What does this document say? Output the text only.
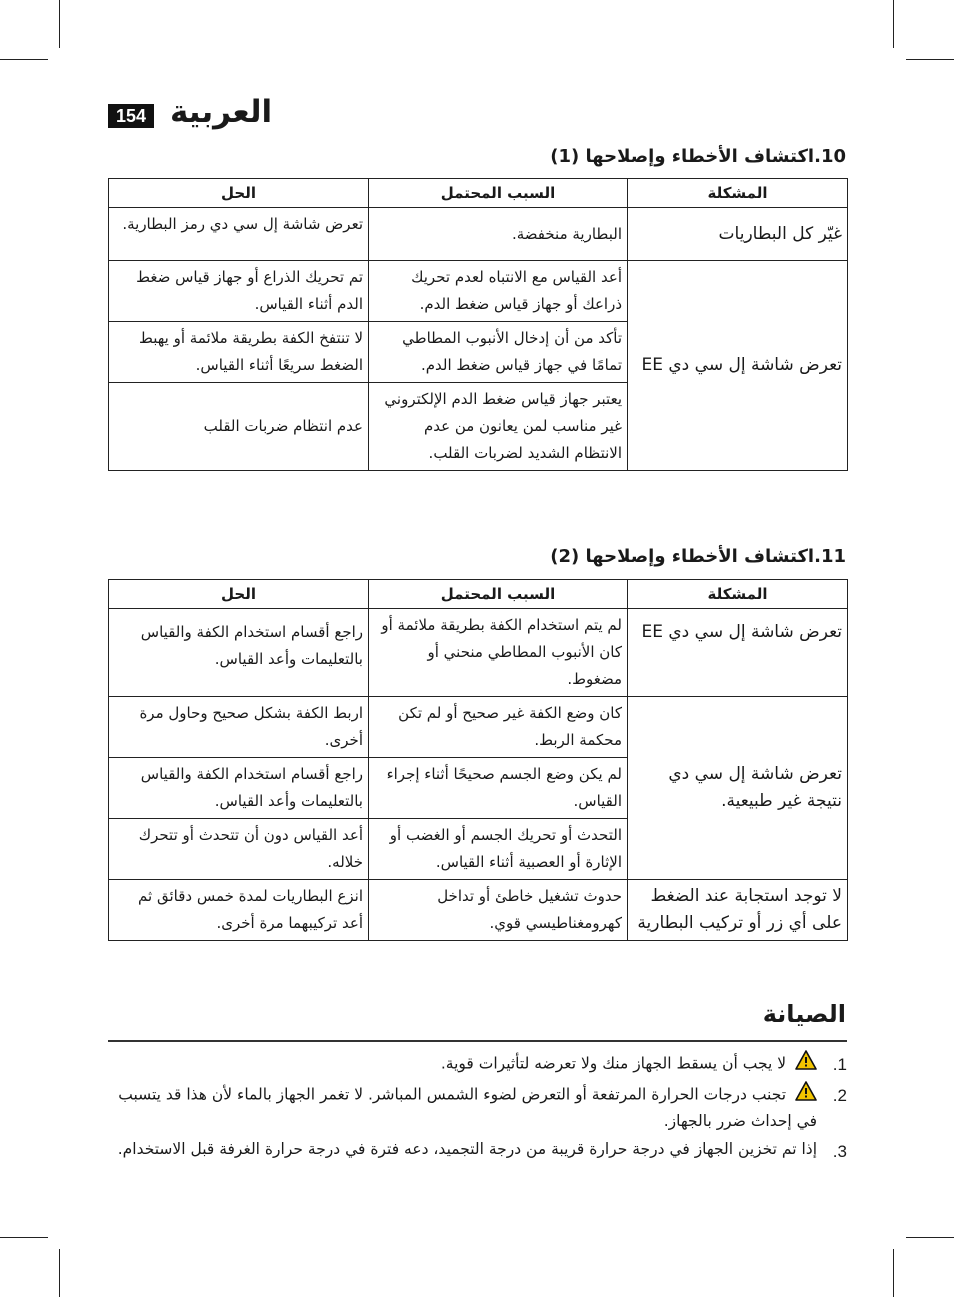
154 العربية
10.اكتشاف الأخطاء وإصلاحها (1)
المشكلة	السبب المحتمل	الحل
غيّر كل البطاريات	البطارية منخفضة.	تعرض شاشة إل سي دي رمز البطارية.
تعرض شاشة إل سي دي EE	أعد القياس مع الانتباه لعدم تحريك ذراعك أو جهاز قياس ضغط الدم.	تم تحريك الذراع أو جهاز قياس ضغط الدم أثناء القياس.
	تأكد من أن إدخال الأنبوب المطاطي تمامًا في جهاز قياس ضغط الدم.	لا تنتفخ الكفة بطريقة ملائمة أو يهبط الضغط سريعًا أثناء القياس.
	يعتبر جهاز قياس ضغط الدم الإلكتروني غير مناسب لمن يعانون من عدم الانتظام الشديد لضربات القلب.	عدم انتظام ضربات القلب
11.اكتشاف الأخطاء وإصلاحها (2)
المشكلة	السبب المحتمل	الحل
تعرض شاشة إل سي دي EE	لم يتم استخدام الكفة بطريقة ملائمة أو كان الأنبوب المطاطي منحني أو مضغوط.	راجع أقسام استخدام الكفة والقياس بالتعليمات وأعد القياس.
تعرض شاشة إل سي دي نتيجة غير طبيعية.	كان وضع الكفة غير صحيح أو لم تكن محكمة الربط.	اربط الكفة بشكل صحيح وحاول مرة أخرى.
	لم يكن وضع الجسم صحيحًا أثناء إجراء القياس.	راجع أقسام استخدام الكفة والقياس بالتعليمات وأعد القياس.
	التحدث أو تحريك الجسم أو الغضب أو الإثارة أو العصبية أثناء القياس.	أعد القياس دون أن تتحدث أو تتحرك خلاله.
لا توجد استجابة عند الضغط على أي زر أو تركيب البطارية	حدوث تشغيل خاطئ أو تداخل كهرومغناطيسي قوي.	انزع البطاريات لمدة خمس دقائق ثم أعد تركيبهما مرة أخرى.
الصيانة
1.
لا يجب أن يسقط الجهاز منك ولا تعرضه لتأثيرات قوية.
2.
تجنب درجات الحرارة المرتفعة أو التعرض لضوء الشمس المباشر. لا تغمر الجهاز بالماء لأن هذا قد يتسبب في إحداث ضرر بالجهاز.
3.
إذا تم تخزين الجهاز في درجة حرارة قريبة من درجة التجميد، دعه فترة في درجة حرارة الغرفة قبل الاستخدام.
